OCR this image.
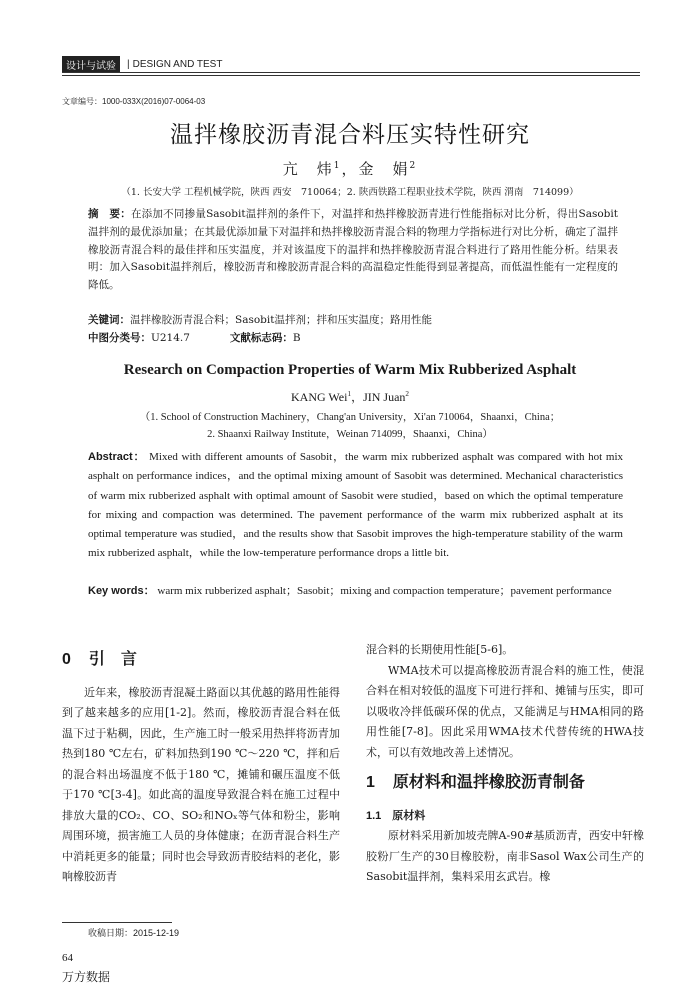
设计与试验	| DESIGN AND TEST
文章编号：1000-033X(2016)07-0064-03
温拌橡胶沥青混合料压实特性研究
亢　炜$^1$，金　娟$^2$
（1. 长安大学 工程机械学院，陕西 西安　710064；2. 陕西铁路工程职业技术学院，陕西 渭南　714099）
摘　要：在添加不同掺量Sasobit温拌剂的条件下，对温拌和热拌橡胶沥青进行性能指标对比分析，得出Sasobit温拌剂的最优添加量；在其最优添加量下对温拌和热拌橡胶沥青混合料的物理力学指标进行对比分析，确定了温拌橡胶沥青混合料的最佳拌和压实温度，并对该温度下的温拌和热拌橡胶沥青混合料进行了路用性能分析。结果表明：加入Sasobit温拌剂后，橡胶沥青和橡胶沥青混合料的高温稳定性能得到显著提高，而低温性能有一定程度的降低。
关键词：温拌橡胶沥青混合料；Sasobit温拌剂；拌和压实温度；路用性能
中图分类号：U214.7	文献标志码：B
Research on Compaction Properties of Warm Mix Rubberized Asphalt
KANG Wei$^1$，JIN Juan$^2$
（1. School of Construction Machinery，Chang'an University，Xi'an 710064，Shaanxi，China；
2. Shaanxi Railway Institute，Weinan 714099，Shaanxi，China）
Abstract： Mixed with different amounts of Sasobit，the warm mix rubberized asphalt was compared with hot mix asphalt on performance indices，and the optimal mixing amount of Sasobit was determined. Mechanical characteristics of warm mix rubberized asphalt with optimal amount of Sasobit were studied，based on which the optimal temperature for mixing and compaction was determined. The pavement performance of the warm mix rubberized asphalt at its optimal temperature was studied，and the results show that Sasobit improves the high-temperature stability of the warm mix rubberized asphalt，while the low-temperature performance drops a little bit.
Key words： warm mix rubberized asphalt；Sasobit；mixing and compaction temperature；pavement performance
0 引　言

近年来，橡胶沥青混凝土路面以其优越的路用性能得到了越来越多的应用[1-2]。然而，橡胶沥青混合料在低温下过于粘稠，因此，生产施工时一般采用热拌将沥青加热到180 ℃左右，矿料加热到190 ℃～220 ℃，拌和后的混合料出场温度不低于180 ℃，摊铺和碾压温度不低于170 ℃[3-4]。如此高的温度导致混合料在施工过程中排放大量的CO₂、CO、SO₂和NOₓ等气体和粉尘，影响周围环境，损害施工人员的身体健康；在沥青混合料生产中消耗更多的能量；同时也会导致沥青胶结料的老化，影响橡胶沥青

混合料的长期使用性能[5-6]。

WMA技术可以提高橡胶沥青混合料的施工性，使混合料在相对较低的温度下可进行拌和、摊铺与压实，即可以吸收冷拌低碳环保的优点，又能满足与HMA相同的路用性能[7-8]。因此采用WMA技术代替传统的HWA技术，可以有效地改善上述情况。

1 原材料和温拌橡胶沥青制备
1.1　 原材料

原材料采用新加坡壳牌A-90#基质沥青，西安中轩橡胶粉厂生产的30目橡胶粉，南非Sasol Wax公司生产的Sasobit温拌剂，集料采用玄武岩。橡

收稿日期：2015-12-19
64
万方数据
